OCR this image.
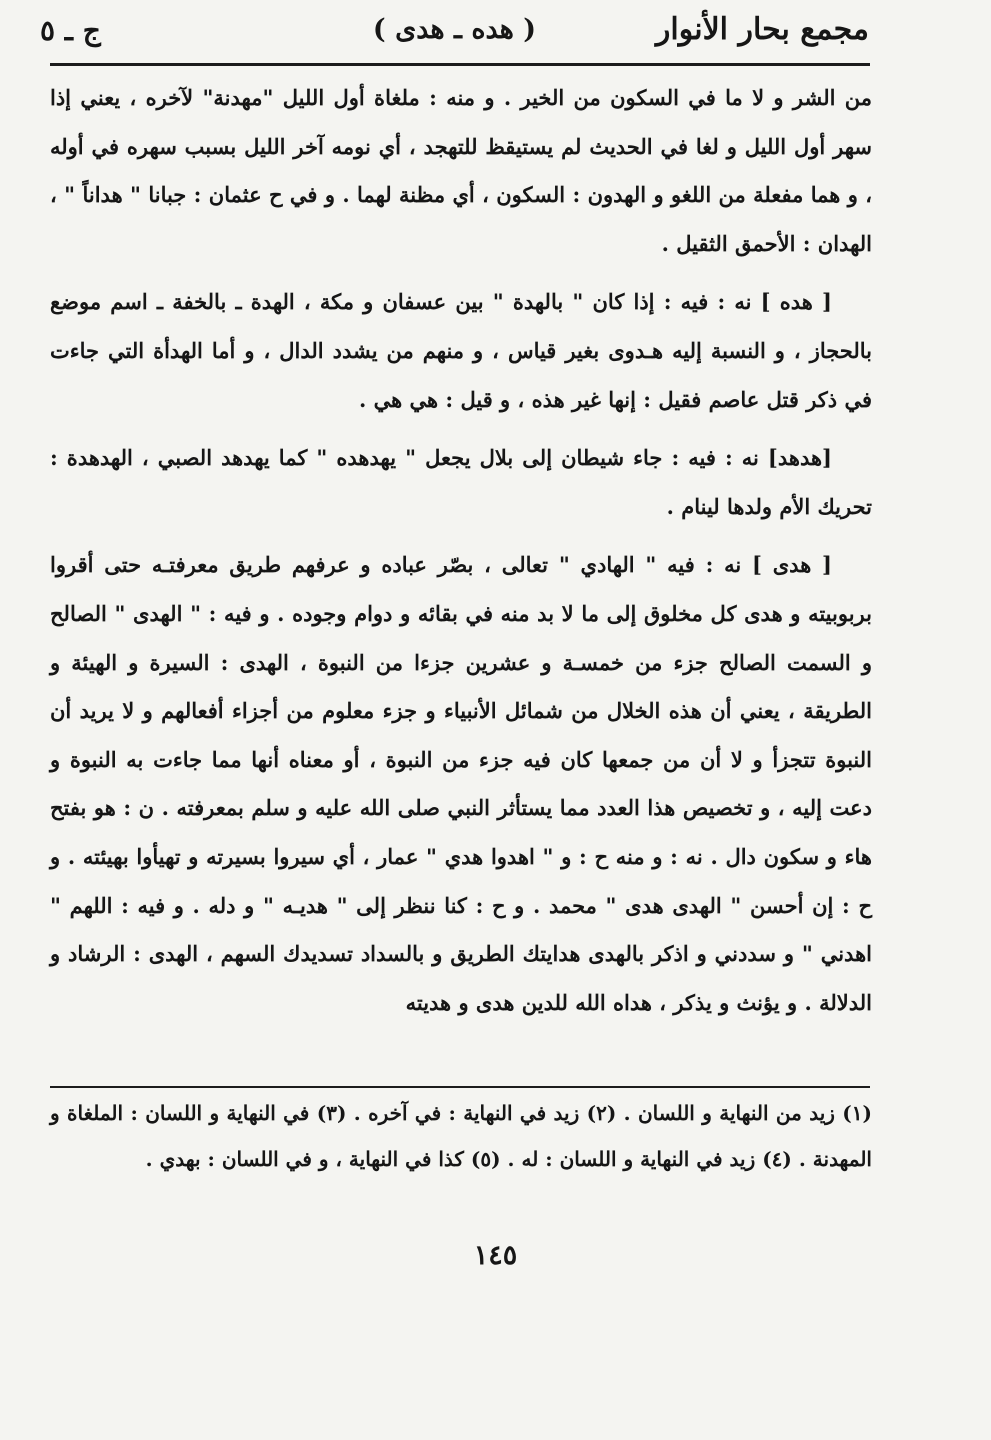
مجمع بحار الأنوار
( هده ـ هدى )
ج ـ ٥

من الشر و لا ما في السكون من الخير . و منه : ملغاة أول الليل "مهدنة" لآخره ، يعني إذا سهر أول الليل و لغا في الحديث لم يستيقظ للتهجد ، أي نومه آخر الليل بسبب سهره في أوله ، و هما مفعلة من اللغو و الهدون : السكون ، أي مظنة لهما . و في ح عثمان : جبانا " هداناً " ، الهدان : الأحمق الثقيل .

[ هده ] نه : فيه : إذا كان " بالهدة " بين عسفان و مكة ، الهدة ـ بالخفة ـ اسم موضع بالحجاز ، و النسبة إليه هـدوى بغير قياس ، و منهم من يشدد الدال ، و أما الهدأة التي جاءت في ذكر قتل عاصم فقيل : إنها غير هذه ، و قيل : هي هي .

[هدهد] نه : فيه : جاء شيطان إلى بلال يجعل " يهدهده " كما يهدهد الصبي ، الهدهدة : تحريك الأم ولدها لينام .

[ هدى ] نه : فيه " الهادي " تعالى ، بصّر عباده و عرفهم طريق معرفتـه حتى أقروا بربوبيته و هدى كل مخلوق إلى ما لا بد منه في بقائه و دوام وجوده . و فيه : " الهدى " الصالح و السمت الصالح جزء من خمسـة و عشرين جزءا من النبوة ، الهدى : السيرة و الهيئة و الطريقة ، يعني أن هذه الخلال من شمائل الأنبياء و جزء معلوم من أجزاء أفعالهم و لا يريد أن النبوة تتجزأ و لا أن من جمعها كان فيه جزء من النبوة ، أو معناه أنها مما جاءت به النبوة و دعت إليه ، و تخصيص هذا العدد مما يستأثر النبي صلى الله عليه و سلم بمعرفته . ن : هو بفتح هاء و سكون دال . نه : و منه ح : و " اهدوا هدي " عمار ، أي سيروا بسيرته و تهيأوا بهيئته . و ح : إن أحسن " الهدى هدى " محمد . و ح : كنا ننظر إلى " هديـه " و دله . و فيه : اللهم " اهدني " و سددني و اذكر بالهدى هدايتك الطريق و بالسداد تسديدك السهم ، الهدى : الرشاد و الدلالة . و يؤنث و يذكر ، هداه الله للدين هدى و هديته

(١) زيد من النهاية و اللسان . (٢) زيد في النهاية : في آخره . (٣) في النهاية و اللسان : الملغاة و المهدنة . (٤) زيد في النهاية و اللسان : له . (٥) كذا في النهاية ، و في اللسان : بهدي .

١٤٥
